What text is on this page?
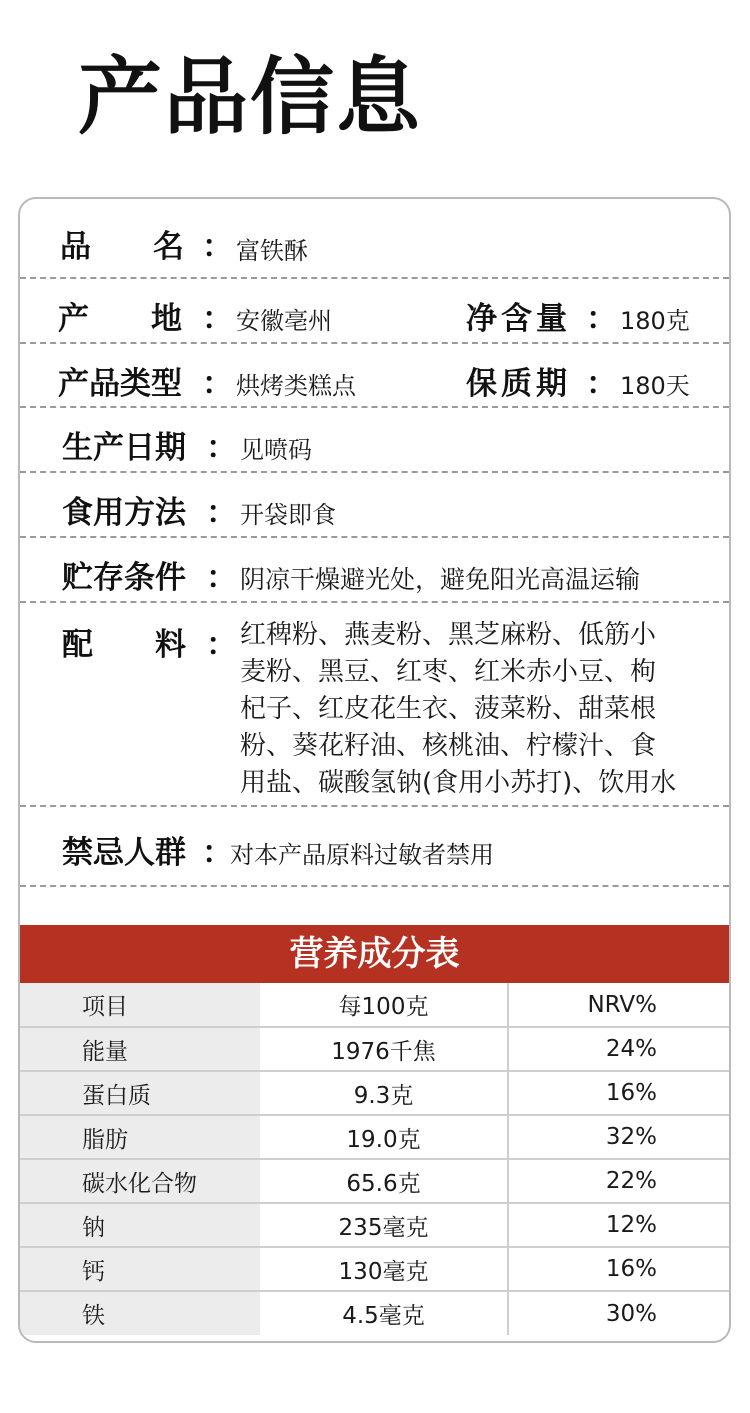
产品信息
品　　名 ： 富铁酥
产　　地 ： 安徽亳州	净含量 ： 180克
产品类型 ： 烘烤类糕点	保质期 ： 180天
生产日期 ： 见喷码
食用方法 ： 开袋即食
贮存条件 ： 阴凉干燥避光处，避免阳光高温运输
配　　料 ： 红稗粉、燕麦粉、黑芝麻粉、低筋小
麦粉、黑豆、红枣、红米赤小豆、枸
杞子、红皮花生衣、菠菜粉、甜菜根
粉、葵花籽油、核桃油、柠檬汁、食
用盐、碳酸氢钠(食用小苏打)、饮用水
禁忌人群 ：
对本产品原料过敏者禁用
营养成分表
项目	每100克	NRV%
能量	1976千焦	24%
蛋白质	9.3克	16%
脂肪	19.0克	32%
碳水化合物	65.6克	22%
钠	235毫克	12%
钙	130毫克	16%
铁	4.5毫克	30%
